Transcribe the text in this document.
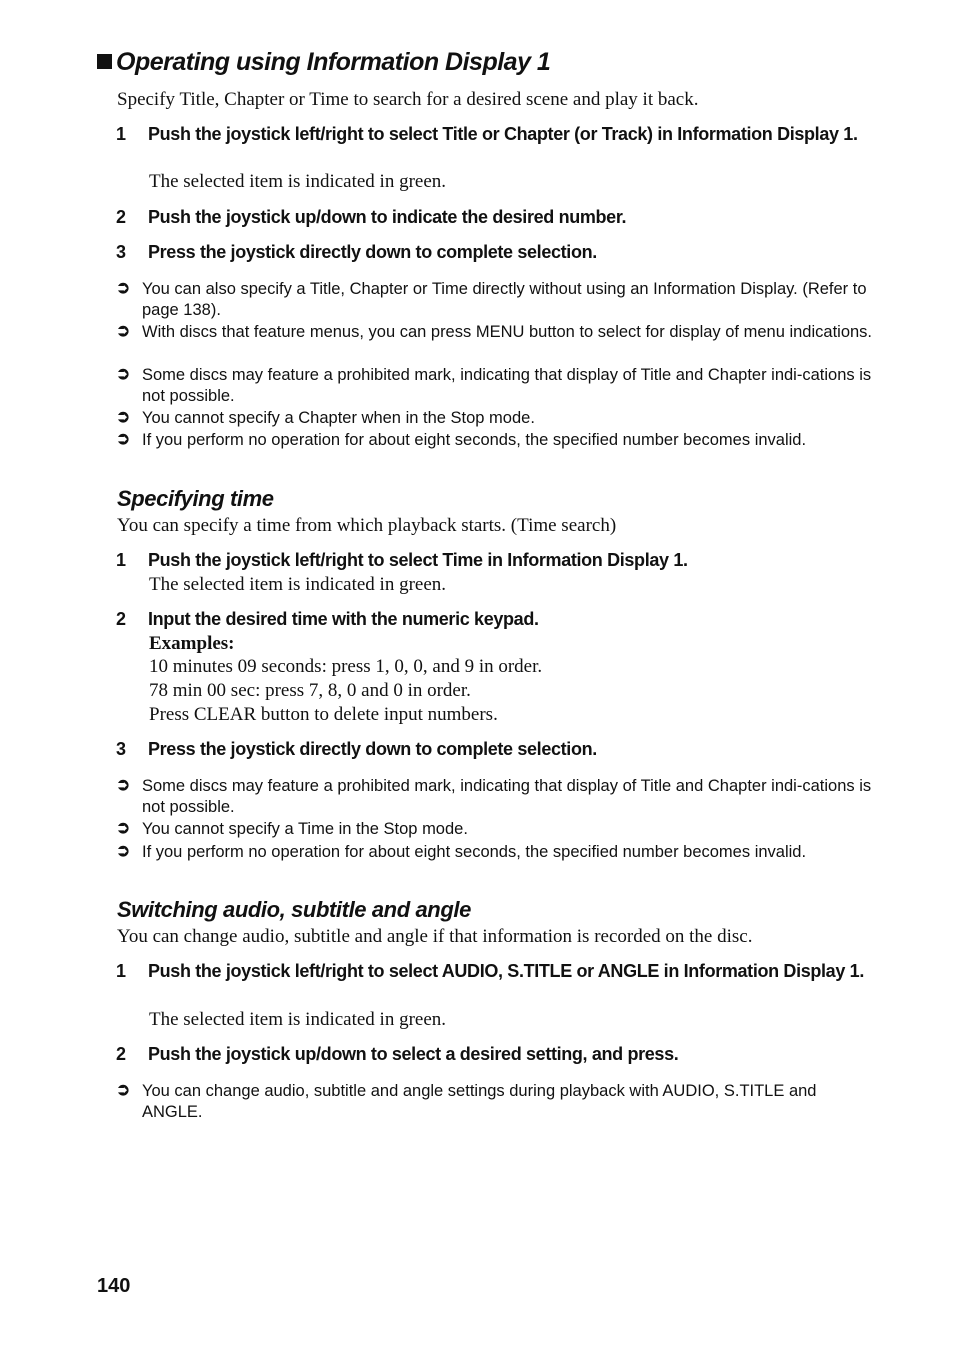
Operating using Information Display 1
Specify Title, Chapter or Time to search for a desired scene and play it back.
1 Push the joystick left/right to select Title or Chapter (or Track) in Information Display 1.
The selected item is indicated in green.
2 Push the joystick up/down to indicate the desired number.
3 Press the joystick directly down to complete selection.
➲ You can also specify a Title, Chapter or Time directly without using an Information Display. (Refer to page 138).
➲ With discs that feature menus, you can press MENU button to select for display of menu indications.
➲ Some discs may feature a prohibited mark, indicating that display of Title and Chapter indi-cations is not possible.
➲ You cannot specify a Chapter when in the Stop mode.
➲ If you perform no operation for about eight seconds, the specified number becomes invalid.
Specifying time
You can specify a time from which playback starts. (Time search)
1 Push the joystick left/right to select Time in Information Display 1.
The selected item is indicated in green.
2 Input the desired time with the numeric keypad.
Examples:
10 minutes 09 seconds: press 1, 0, 0, and 9 in order.
78 min 00 sec: press 7, 8, 0 and 0 in order.
Press CLEAR button to delete input numbers.
3 Press the joystick directly down to complete selection.
➲ Some discs may feature a prohibited mark, indicating that display of Title and Chapter indi-cations is not possible.
➲ You cannot specify a Time in the Stop mode.
➲ If you perform no operation for about eight seconds, the specified number becomes invalid.
Switching audio, subtitle and angle
You can change audio, subtitle and angle if that information is recorded on the disc.
1 Push the joystick left/right to select AUDIO, S.TITLE or ANGLE in Information Display 1.
The selected item is indicated in green.
2 Push the joystick up/down to select a desired setting, and press.
➲ You can change audio, subtitle and angle settings during playback with AUDIO, S.TITLE and ANGLE.
140
